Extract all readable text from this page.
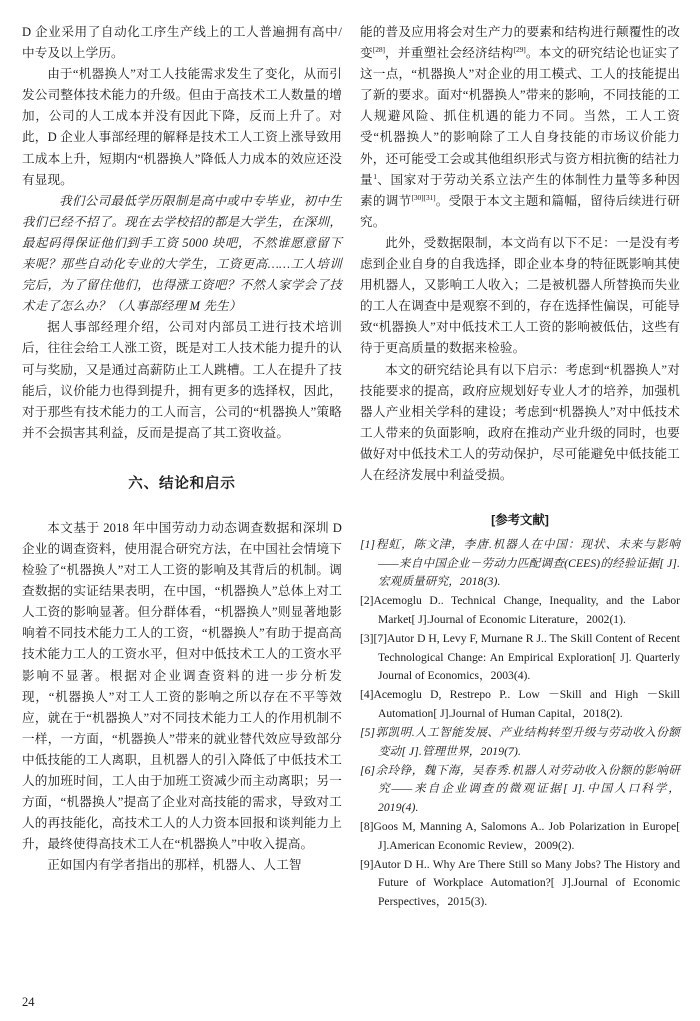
D 企业采用了自动化工序生产线上的工人普遍拥有高中/中专及以上学历。

由于“机器换人”对工人技能需求发生了变化，从而引发公司整体技术能力的升级。但由于高技术工人数量的增加，公司的人工成本并没有因此下降，反而上升了。对此，D 企业人事部经理的解释是技术工人工资上涨导致用工成本上升，短期内“机器换人”降低人力成本的效应还没有显现。

我们公司最低学历限制是高中或中专毕业，初中生我们已经不招了。现在去学校招的都是大学生，在深圳，最起码得保证他们到手工资 5000 块吧，不然谁愿意留下来呢？那些自动化专业的大学生，工资更高……工人培训完后，为了留住他们，也得涨工资吧？不然人家学会了技术走了怎么办？（人事部经理 M 先生）

据人事部经理介绍，公司对内部员工进行技术培训后，往往会给工人涨工资，既是对工人技术能力提升的认可与奖励，又是通过高薪防止工人跳槽。工人在提升了技能后，议价能力也得到提升，拥有更多的选择权，因此，对于那些有技术能力的工人而言，公司的“机器换人”策略并不会损害其利益，反而是提高了其工资收益。

六、结论和启示

本文基于 2018 年中国劳动力动态调查数据和深圳 D 企业的调查资料，使用混合研究方法，在中国社会情境下检验了“机器换人”对工人工资的影响及其背后的机制。调查数据的实证结果表明，在中国，“机器换人”总体上对工人工资的影响显著。但分群体看，“机器换人”则显著地影响着不同技术能力工人的工资，“机器换人”有助于提高高技术能力工人的工资水平，但对中低技术工人的工资水平影响不显著。根据对企业调查资料的进一步分析发现，“机器换人”对工人工资的影响之所以存在不平等效应，就在于“机器换人”对不同技术能力工人的作用机制不一样，一方面，“机器换人”带来的就业替代效应导致部分中低技能的工人离职，且机器人的引入降低了中低技术工人的加班时间，工人由于加班工资减少而主动离职；另一方面，“机器换人”提高了企业对高技能的需求，导致对工人的再技能化，高技术工人的人力资本回报和谈判能力上升，最终使得高技术工人在“机器换人”中收入提高。

正如国内有学者指出的那样，机器人、人工智

能的普及应用将会对生产力的要素和结构进行颠覆性的改变[28]，并重塑社会经济结构[29]。本文的研究结论也证实了这一点，“机器换人”对企业的用工模式、工人的技能提出了新的要求。面对“机器换人”带来的影响，不同技能的工人规避风险、抓住机遇的能力不同。当然，工人工资受“机器换人”的影响除了工人自身技能的市场议价能力外，还可能受工会或其他组织形式与资方相抗衡的结社力量$^1$、国家对于劳动关系立法产生的体制性力量等多种因素的调节[30][31]。受限于本文主题和篇幅，留待后续进行研究。

此外，受数据限制，本文尚有以下不足：一是没有考虑到企业自身的自我选择，即企业本身的特征既影响其使用机器人，又影响工人收入；二是被机器人所替换而失业的工人在调查中是观察不到的，存在选择性偏误，可能导致“机器换人”对中低技术工人工资的影响被低估，这些有待于更高质量的数据来检验。

本文的研究结论具有以下启示：考虑到“机器换人”对技能要求的提高，政府应规划好专业人才的培养，加强机器人产业相关学科的建设；考虑到“机器换人”对中低技术工人带来的负面影响，政府在推动产业升级的同时，也要做好对中低技术工人的劳动保护，尽可能避免中低技能工人在经济发展中利益受损。

[参考文献]
[1]程虹，陈文津，李唐.机器人在中国：现状、未来与影响——来自中国企业－劳动力匹配调查(CEES)的经验证据[ J].宏观质量研究，2018(3).
[2]Acemoglu D.. Technical Change, Inequality, and the Labor Market[ J].Journal of Economic Literature，2002(1).
[3][7]Autor D H, Levy F, Murnane R J.. The Skill Content of Recent Technological Change: An Empirical Exploration[ J]. Quarterly Journal of Economics，2003(4).
[4]Acemoglu D, Restrepo P.. Low －Skill and High －Skill Automation[ J].Journal of Human Capital，2018(2).
[5]郭凯明.人工智能发展、产业结构转型升级与劳动收入份额变动[ J].管理世界，2019(7).
[6]余玲铮，魏下海，吴春秀.机器人对劳动收入份额的影响研究——来自企业调查的微观证据[ J].中国人口科学，2019(4).
[8]Goos M, Manning A, Salomons A.. Job Polarization in Europe[ J].American Economic Review，2009(2).
[9]Autor D H.. Why Are There Still so Many Jobs? The History and Future of Workplace Automation?[ J].Journal of Economic Perspectives，2015(3).
24
